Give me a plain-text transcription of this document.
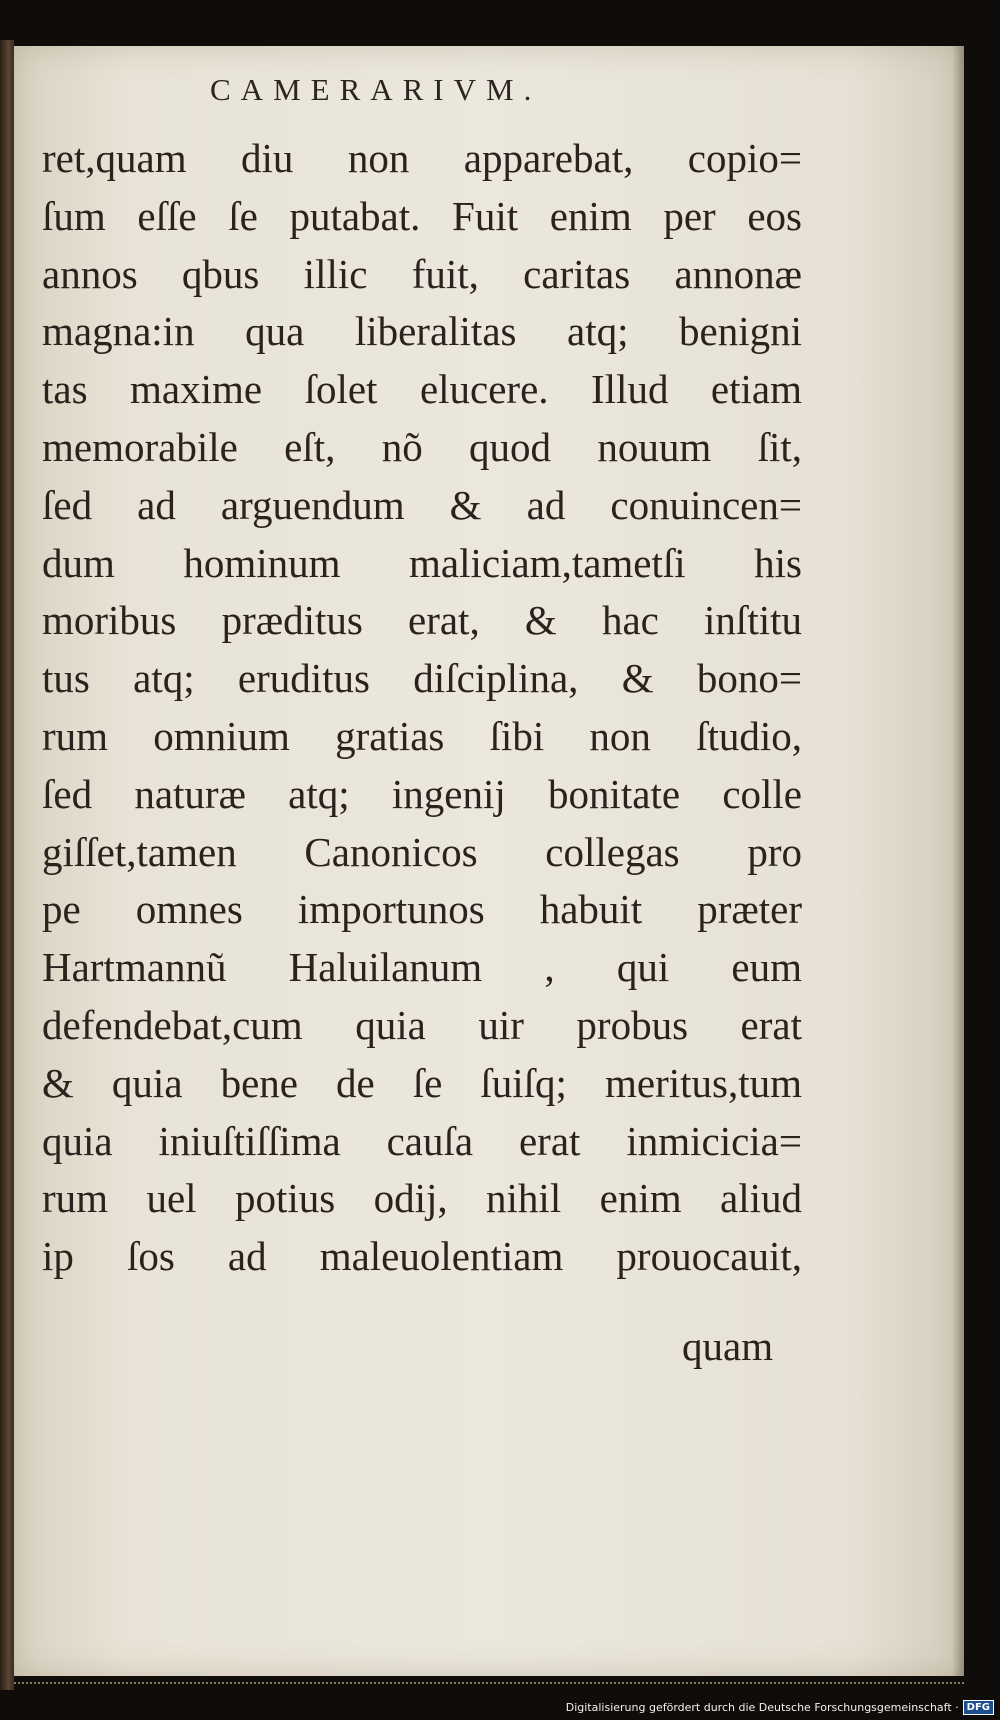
CAMERARIVM.
ret,quam diu non apparebat, copio=
ſum eſſe ſe putabat. Fuit enim per eos
annos qbus illic fuit, caritas annonæ
magna:in qua liberalitas atq; benigni
tas maxime ſolet elucere. Illud etiam
memorabile eſt, nõ quod nouum ſit,
ſed ad arguendum & ad conuincen=
dum hominum maliciam,tametſi his
moribus prӕditus erat, & hac inſtitu
tus atq; eruditus diſciplina, & bono=
rum omnium gratias ſibi non ſtudio,
ſed naturӕ atq; ingenij bonitate colle
giſſet,tamen Canonicos collegas pro
pe omnes importunos habuit prӕter
Hartmannũ Haluilanum , qui eum
defendebat,cum quia uir probus erat
& quia bene de ſe ſuiſq; meritus,tum
quia iniuſtiſſima cauſa erat inmicicia=
rum uel potius odij, nihil enim aliud
ip ſos ad maleuolentiam prouocauit,
quam
Digitalisierung gefördert durch die Deutsche Forschungsgemeinschaft · DFG
